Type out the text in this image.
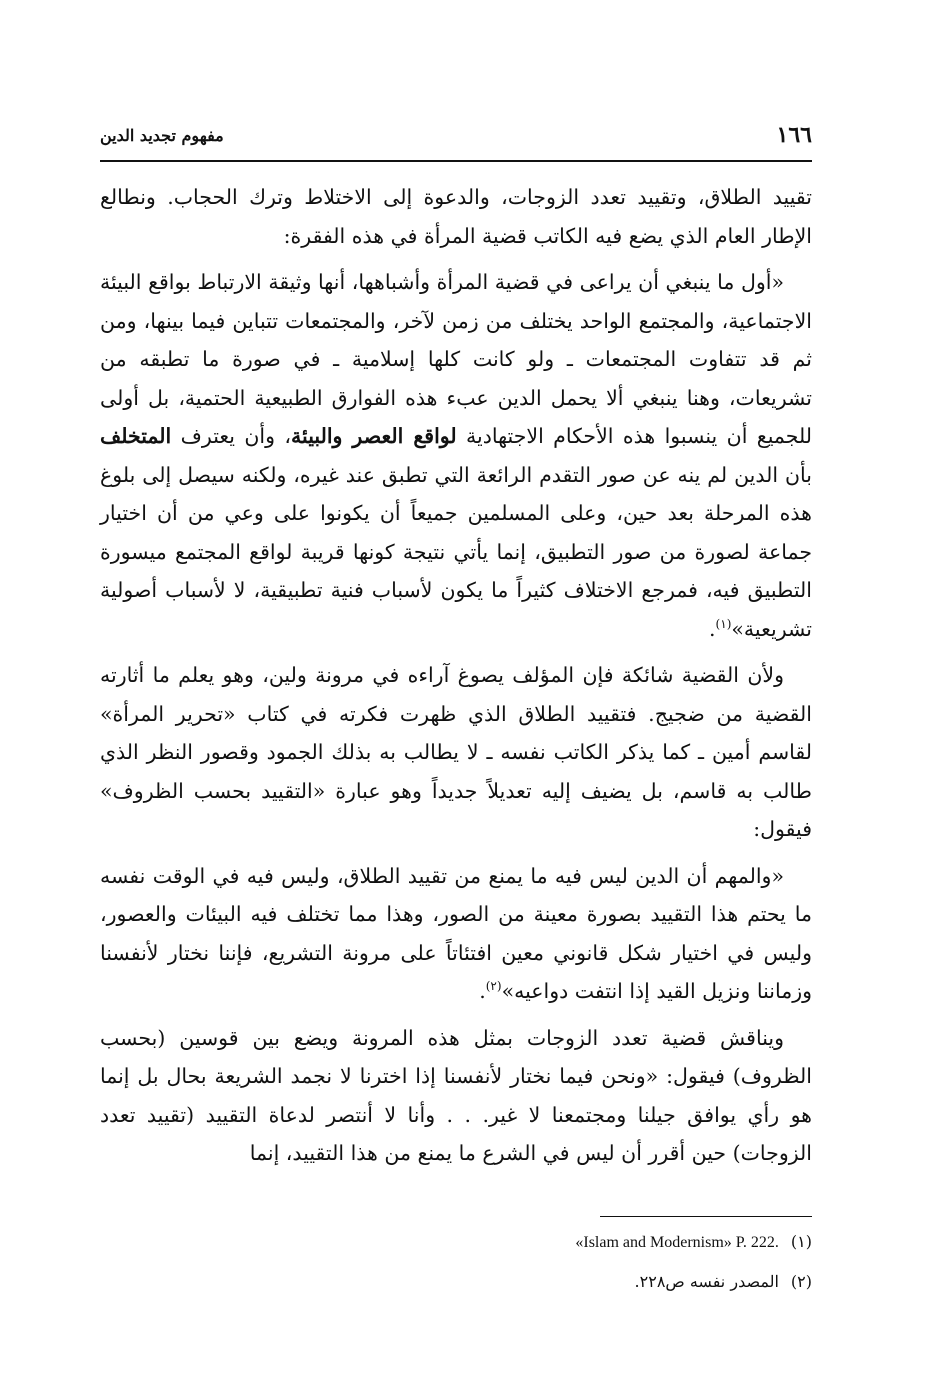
١٦٦
مفهوم تجديد الدين

تقييد الطلاق، وتقييد تعدد الزوجات، والدعوة إلى الاختلاط وترك الحجاب. ونطالع الإطار العام الذي يضع فيه الكاتب قضية المرأة في هذه الفقرة:

«أول ما ينبغي أن يراعى في قضية المرأة وأشباهها، أنها وثيقة الارتباط بواقع البيئة الاجتماعية، والمجتمع الواحد يختلف من زمن لآخر، والمجتمعات تتباين فيما بينها، ومن ثم قد تتفاوت المجتمعات ـ ولو كانت كلها إسلامية ـ في صورة ما تطبقه من تشريعات، وهنا ينبغي ألا يحمل الدين عبء هذه الفوارق الطبيعية الحتمية، بل أولى للجميع أن ينسبوا هذه الأحكام الاجتهادية لواقع العصر والبيئة، وأن يعترف المتخلف بأن الدين لم ينه عن صور التقدم الرائعة التي تطبق عند غيره، ولكنه سيصل إلى بلوغ هذه المرحلة بعد حين، وعلى المسلمين جميعاً أن يكونوا على وعي من أن اختيار جماعة لصورة من صور التطبيق، إنما يأتي نتيجة كونها قريبة لواقع المجتمع ميسورة التطبيق فيه، فمرجع الاختلاف كثيراً ما يكون لأسباب فنية تطبيقية، لا لأسباب أصولية تشريعية»$^{(١)}$.

ولأن القضية شائكة فإن المؤلف يصوغ آراءه في مرونة ولين، وهو يعلم ما أثارته القضية من ضجيج. فتقييد الطلاق الذي ظهرت فكرته في كتاب «تحرير المرأة» لقاسم أمين ـ كما يذكر الكاتب نفسه ـ لا يطالب به بذلك الجمود وقصور النظر الذي طالب به قاسم، بل يضيف إليه تعديلاً جديداً وهو عبارة «التقييد بحسب الظروف» فيقول:

«والمهم أن الدين ليس فيه ما يمنع من تقييد الطلاق، وليس فيه في الوقت نفسه ما يحتم هذا التقييد بصورة معينة من الصور، وهذا مما تختلف فيه البيئات والعصور، وليس في اختيار شكل قانوني معين افتئاتاً على مرونة التشريع، فإننا نختار لأنفسنا وزماننا ونزيل القيد إذا انتفت دواعيه»$^{(٢)}$.

ويناقش قضية تعدد الزوجات بمثل هذه المرونة ويضع بين قوسين (بحسب الظروف) فيقول: «ونحن فيما نختار لأنفسنا إذا اخترنا لا نجمد الشريعة بحال بل إنما هو رأي يوافق جيلنا ومجتمعنا لا غير. . . وأنا لا أنتصر لدعاة التقييد (تقييد تعدد الزوجات) حين أقرر أن ليس في الشرع ما يمنع من هذا التقييد، إنما

(١)
«Islam and Modernism» P. 222.
(٢)
المصدر نفسه ص٢٢٨.
